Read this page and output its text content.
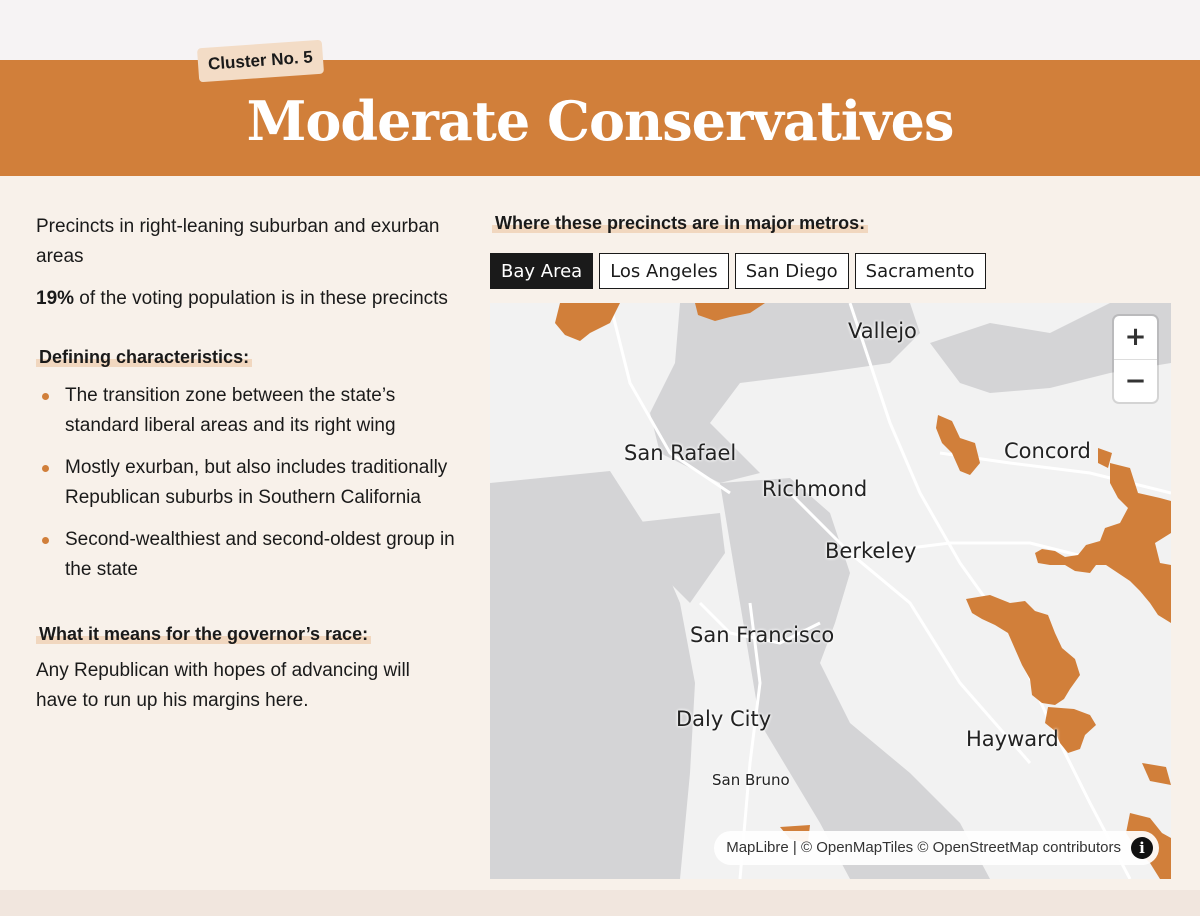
Cluster No. 5
Moderate Conservatives

Precincts in right-leaning suburban and exurban areas

19% of the voting population is in these precincts

Defining characteristics:
The transition zone between the state’s standard liberal areas and its right wing
Mostly exurban, but also includes traditionally Republican suburbs in Southern California
Second-wealthiest and second-oldest group in the state
What it means for the governor’s race:

Any Republican with hopes of advancing will have to run up his margins here.

Where these precincts are in major metros:
Bay Area	Los Angeles	San Diego	Sacramento
Vallejo
San Rafael	Concord
Richmond
Berkeley
San Francisco
Daly City
Hayward
San Bruno
+
−
MapLibre | © OpenMapTiles © OpenStreetMap contributors	i
